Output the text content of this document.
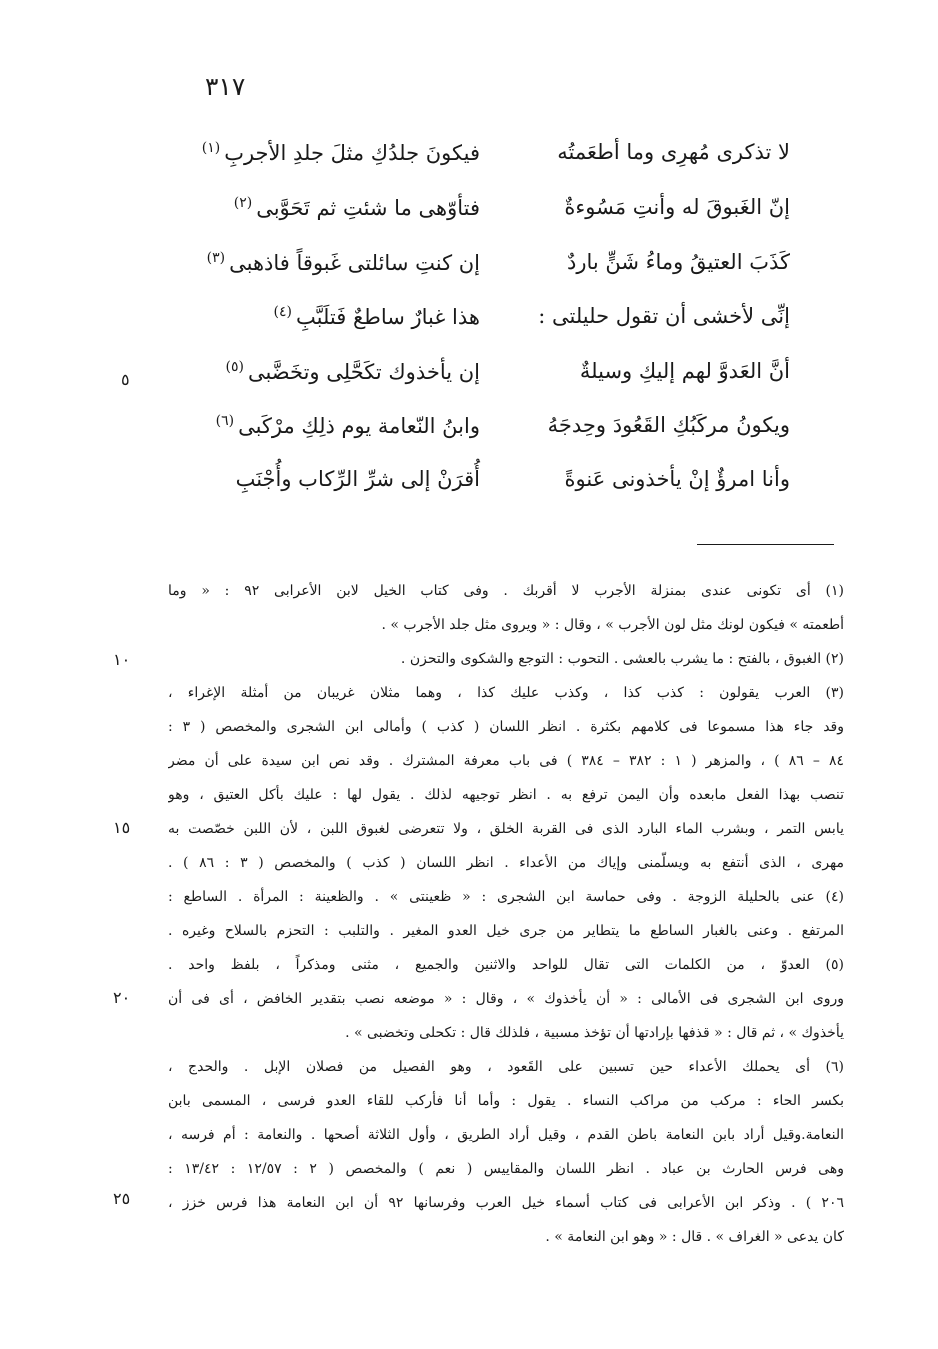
٣١٧
لا تذكرى مُهرِى وما أطعَمتُه
فيكونَ جلدُكِ مثلَ جلدِ الأجربِ$^{(١)}$
إنّ الغَبوقَ له وأنتِ مَسُوءةٌ
فتأوّهى ما شئتِ ثم تَحَوَّبى$^{(٢)}$
كَذَبَ العتيقُ وماءُ شَنٍّ باردٌ
إن كنتِ سائلتى غَبوقاً فاذهبى$^{(٣)}$
إنِّى لأخشى أن تقول حليلتى :
هذا غبارٌ ساطعٌ فَتلَبَّبِ$^{(٤)}$
أنَّ العَدوَّ لهم إليكِ وسيلةٌ
إن يأخذوك تكَحَّلِى وتخَضَّبى$^{(٥)}$
ويكونُ مركَبُكِ القَعُودَ وحِدجَهُ
وابنُ النّعامة يوم ذلِكِ مرْكَبى$^{(٦)}$
وأنا امرؤٌ إنْ يأخذونى عَنوةً
أُقرَنْ إلى شرِّ الرِّكاب وأُجْنَبِ
٥
(١) أى تكونى عندى بمنزلة الأجرب لا أقربك . وفى كتاب الخيل لابن الأعرابى ٩٢ : « وما
أطعمته » فيكون لونك مثل لون الأجرب » ، وقال : « ويروى مثل جلد الأجرب » .
(٢) الغبوق ، بالفتح : ما يشرب بالعشى . التحوب : التوجع والشكوى والتحزن .
(٣) العرب يقولون : كذب كذا ، وكذب عليك كذا ، وهما مثلان غريبان من أمثلة الإغراء ،
وقد جاء هذا مسموعا فى كلامهم بكثرة . انظر اللسان ( كذب ) وأمالى ابن الشجرى والمخصص ( ٣ :
٨٤ – ٨٦ ) ، والمزهر ( ١ : ٣٨٢ – ٣٨٤ ) فى باب معرفة المشترك . وقد نص ابن سيدة على أن مضر
تنصب بهذا الفعل مابعده وأن اليمن ترفع به . انظر توجيهه لذلك . يقول لها : عليك بأكل العتيق ، وهو
يابس التمر ، وبشرب الماء البارد الذى فى القربة الخلق ، ولا تتعرضى لغبوق اللبن ، لأن اللبن خصّصت به
مهرى ، الذى أنتفع به ويسلّمنى وإياك من الأعداء . انظر اللسان ( كذب ) والمخصص ( ٣ : ٨٦ ) .
(٤) عنى بالحليلة الزوجة . وفى حماسة ابن الشجرى : « ظعينتى » . والظعينة : المرأة . الساطع :
المرتفع . وعنى بالغبار الساطع ما يتطاير من جرى خيل العدو المغير . والتلبب : التحزم بالسلاح وغيره .
(٥) العدوّ ، من الكلمات التى تقال للواحد والاثنين والجميع ، مثنى ومذكراً ، بلفظ واحد .
وروى ابن الشجرى فى الأمالى : « أن يأخذوك » ، وقال : « موضعه نصب بتقدير الخافض ، أى فى أن
يأخذوك » ، ثم قال : « قذفها بإرادتها أن تؤخذ مسبية ، فلذلك قال : تكحلى وتخضبى » .
(٦) أى يحملك الأعداء حين تسبين على القَعود ، وهو الفصيل من فصلان الإبل . والحدج ،
بكسر الحاء : مركب من مراكب النساء . يقول : وأما أنا فأركب للقاء العدو فرسى ، المسمى بابن
النعامة.وقيل أراد بابن النعامة باطن القدم ، وقيل أراد الطريق ، وأول الثلاثة أصحها . والنعامة : أم فرسه ،
وهى فرس الحارث بن عباد . انظر اللسان والمقاييس ( نعم ) والمخصص ( ٢ : ١٢/٥٧ : ١٣/٤٢ :
٢٠٦ ) . وذكر ابن الأعرابى فى كتاب أسماء خيل العرب وفرسانها ٩٢ أن ابن النعامة هذا فرس خزز ،
كان يدعى « الغراف » . قال : « وهو ابن النعامة » .
١٠
١٥
٢٠
٢٥
